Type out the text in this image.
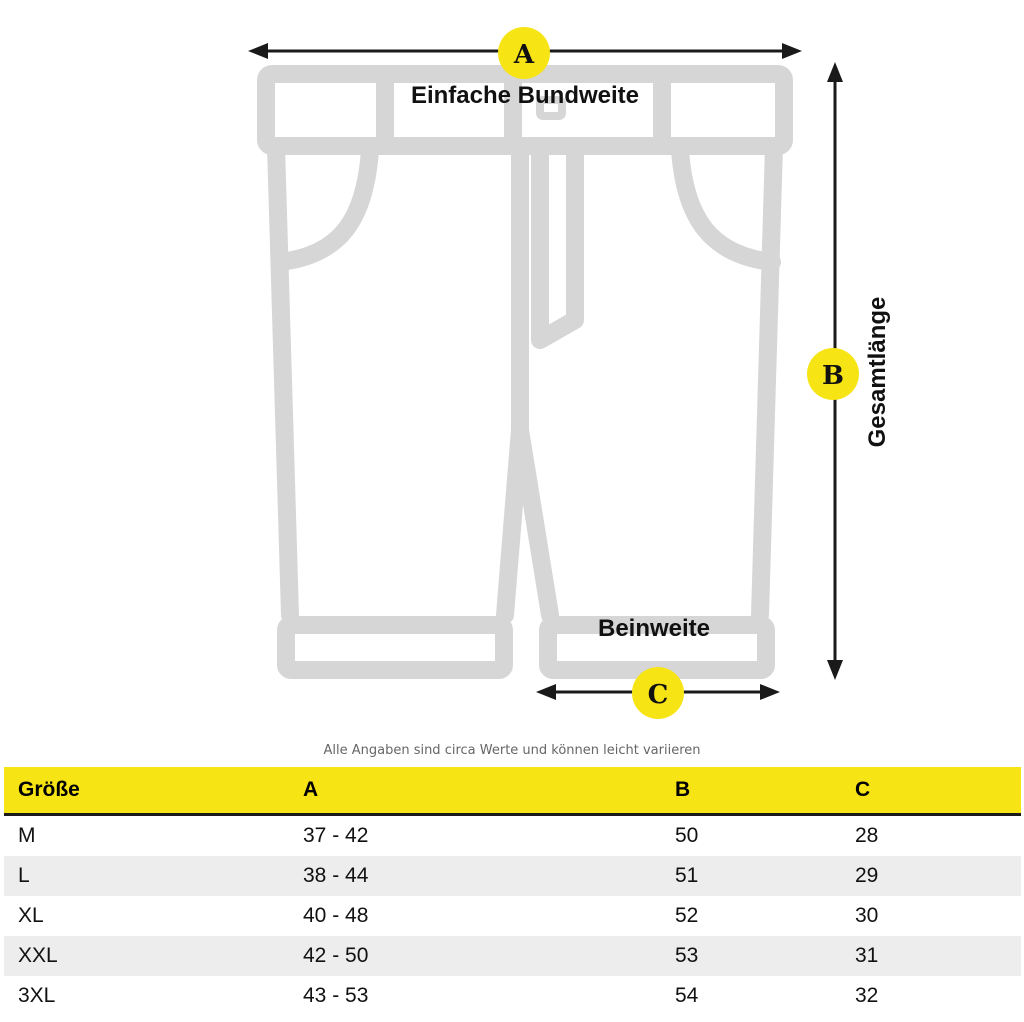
A
Einfache Bundweite
B Gesamtlänge
C
Beinweite
Alle Angaben sind circa Werte und können leicht variieren
Größe	A	B	C
M	37 - 42	50	28
L	38 - 44	51	29
XL	40 - 48	52	30
XXL	42 - 50	53	31
3XL	43 - 53	54	32
